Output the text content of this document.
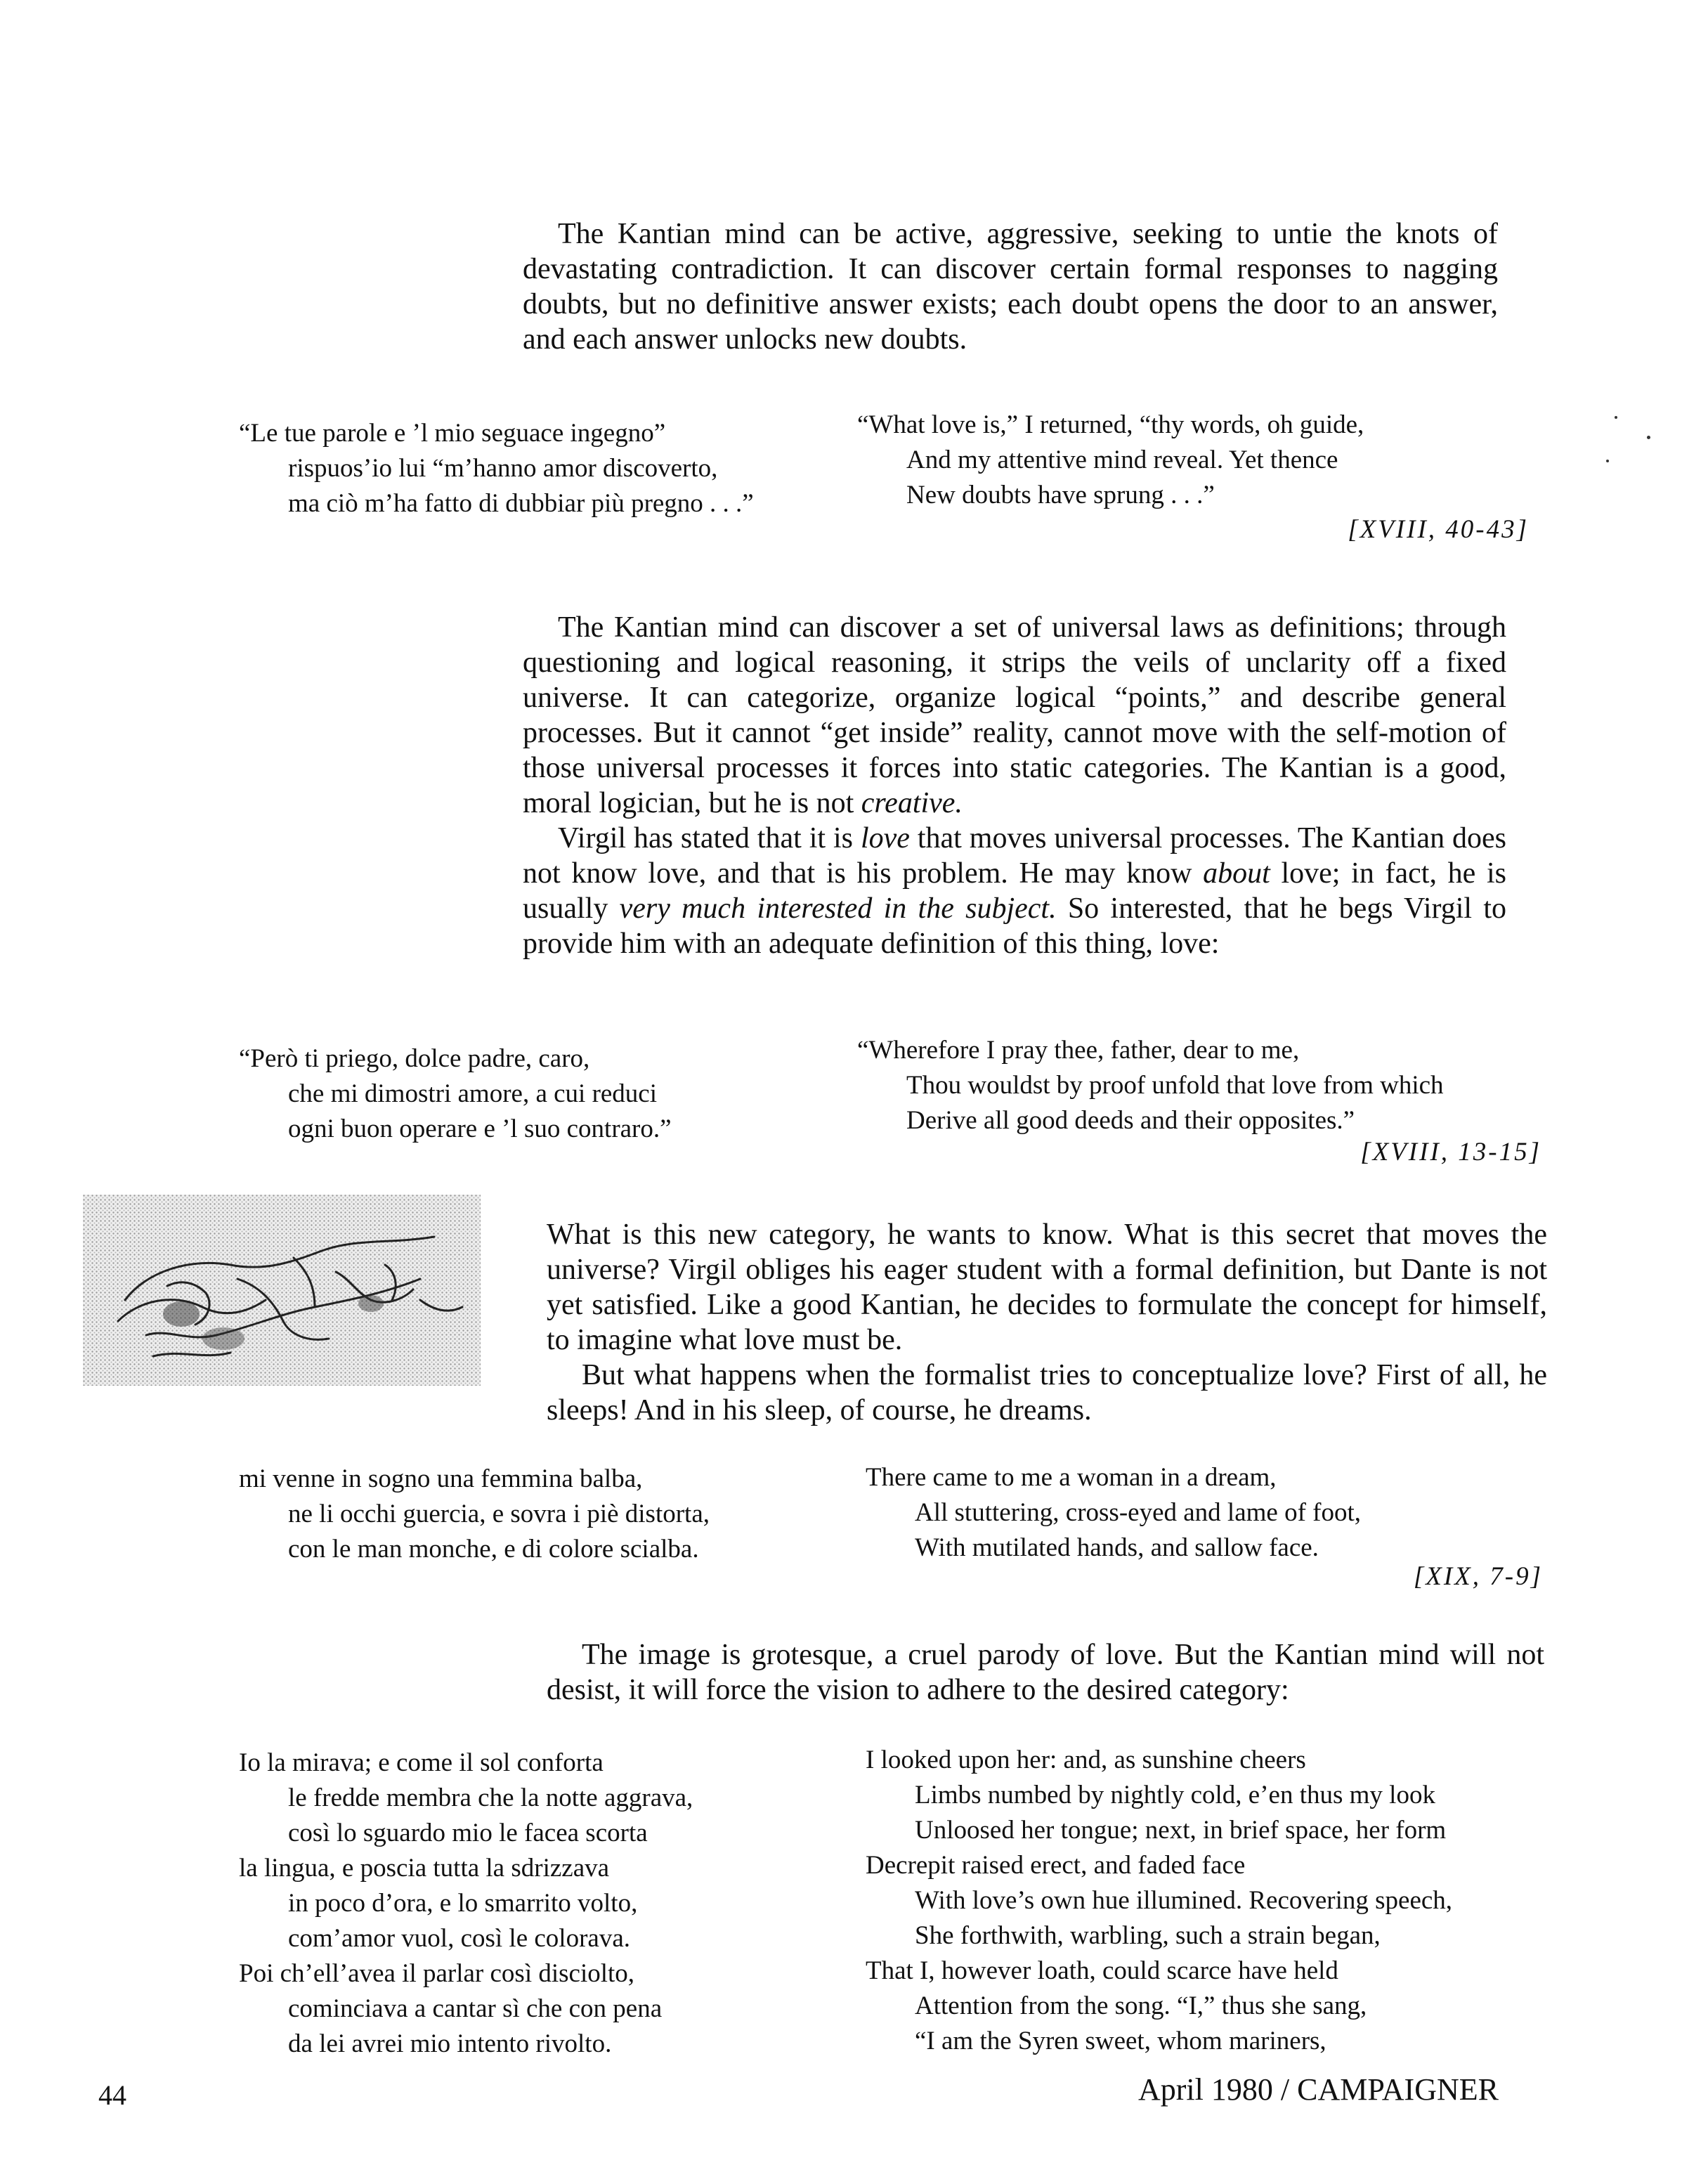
The Kantian mind can be active, aggressive, seeking to untie the knots of devastating contradiction. It can discover certain formal responses to nagging doubts, but no definitive answer exists; each doubt opens the door to an answer, and each answer unlocks new doubts.

“Le tue parole e ’l mio seguace ingegno”
rispuos’io lui “m’hanno amor discoverto,
ma ciò m’ha fatto di dubbiar più pregno . . .”
“What love is,” I returned, “thy words, oh guide,
And my attentive mind reveal. Yet thence
New doubts have sprung . . .”
[XVIII, 40-43]

The Kantian mind can discover a set of universal laws as definitions; through questioning and logical reasoning, it strips the veils of unclarity off a fixed universe. It can categorize, organize logical “points,” and describe general processes. But it cannot “get inside” reality, cannot move with the self-motion of those universal processes it forces into static categories. The Kantian is a good, moral logician, but he is not creative.

Virgil has stated that it is love that moves universal processes. The Kantian does not know love, and that is his problem. He may know about love; in fact, he is usually very much interested in the subject. So interested, that he begs Virgil to provide him with an adequate definition of this thing, love:

“Però ti priego, dolce padre, caro,
che mi dimostri amore, a cui reduci
ogni buon operare e ’l suo contraro.”
“Wherefore I pray thee, father, dear to me,
Thou wouldst by proof unfold that love from which
Derive all good deeds and their opposites.”
[XVIII, 13-15]

What is this new category, he wants to know. What is this secret that moves the universe? Virgil obliges his eager student with a formal definition, but Dante is not yet satisfied. Like a good Kantian, he decides to formulate the concept for himself, to imagine what love must be.

But what happens when the formalist tries to conceptualize love? First of all, he sleeps! And in his sleep, of course, he dreams.

mi venne in sogno una femmina balba,
ne li occhi guercia, e sovra i piè distorta,
con le man monche, e di colore scialba.
There came to me a woman in a dream,
All stuttering, cross-eyed and lame of foot,
With mutilated hands, and sallow face.
[XIX, 7-9]

The image is grotesque, a cruel parody of love. But the Kantian mind will not desist, it will force the vision to adhere to the desired category:

Io la mirava; e come il sol conforta
le fredde membra che la notte aggrava,
così lo sguardo mio le facea scorta
la lingua, e poscia tutta la sdrizzava
in poco d’ora, e lo smarrito volto,
com’amor vuol, così le colorava.
Poi ch’ell’avea il parlar così disciolto,
cominciava a cantar sì che con pena
da lei avrei mio intento rivolto.
I looked upon her: and, as sunshine cheers
Limbs numbed by nightly cold, e’en thus my look
Unloosed her tongue; next, in brief space, her form
Decrepit raised erect, and faded face
With love’s own hue illumined. Recovering speech,
She forthwith, warbling, such a strain began,
That I, however loath, could scarce have held
Attention from the song. “I,” thus she sang,
“I am the Syren sweet, whom mariners,
44	April 1980 / CAMPAIGNER
